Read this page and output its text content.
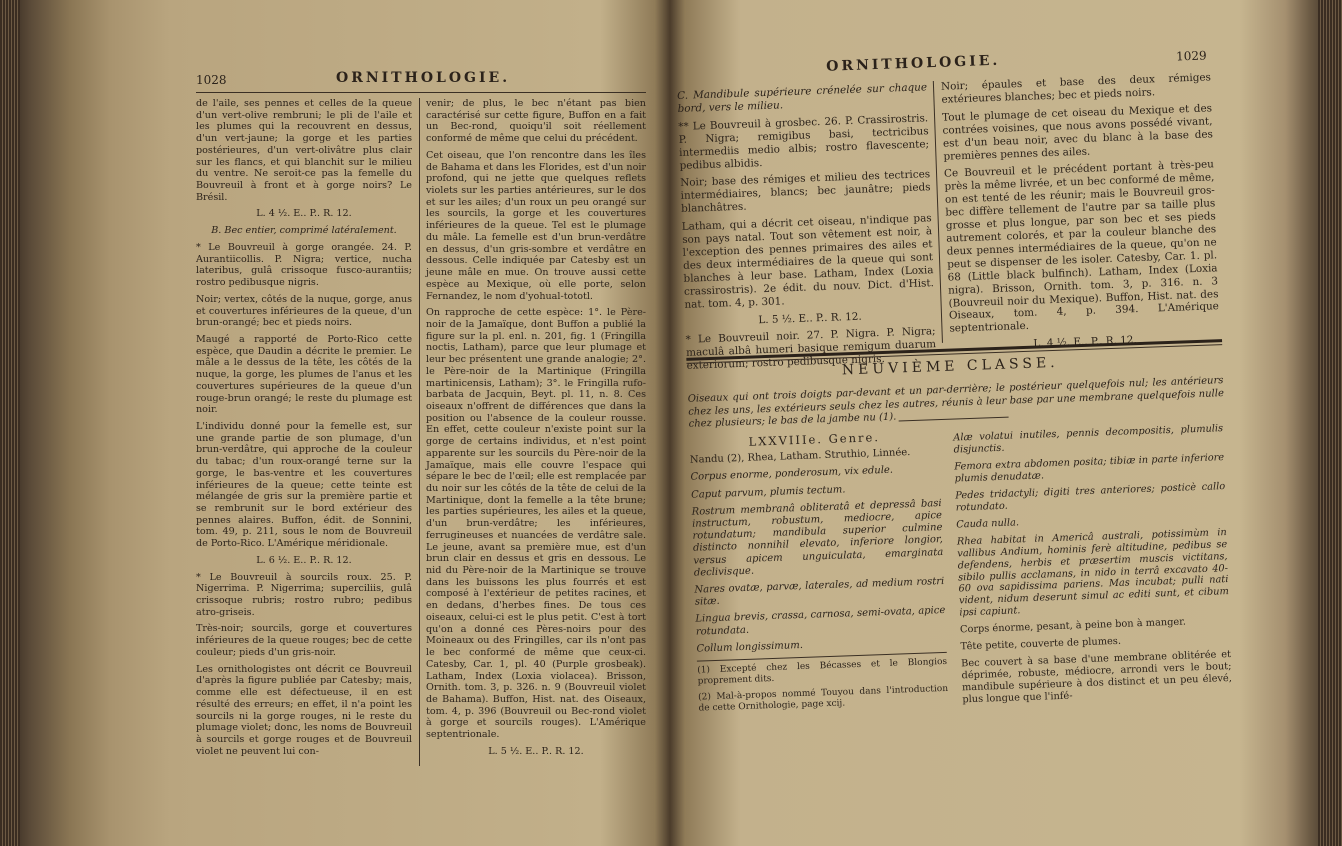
1028	ORNITHOLOGIE.

de l'aile, ses pennes et celles de la queue d'un vert-olive rembruni; le pli de l'aile et les plumes qui la recouvrent en dessus, d'un vert-jaune; la gorge et les parties postérieures, d'un vert-olivâtre plus clair sur les flancs, et qui blanchit sur le milieu du ventre. Ne seroit-ce pas la femelle du Bouvreuil à front et à gorge noirs? Le Brésil.

L. 4 ½. E.. P.. R. 12.

B. Bec entier, comprimé latéralement.

* Le Bouvreuil à gorge orangée. 24. P. Aurantiicollis. P. Nigra; vertice, nucha lateribus, gulâ crissoque fusco-aurantiis; rostro pedibusque nigris.

Noir; vertex, côtés de la nuque, gorge, anus et couvertures inférieures de la queue, d'un brun-orangé; bec et pieds noirs.

Maugé a rapporté de Porto-Rico cette espèce, que Daudin a décrite le premier. Le mâle a le dessus de la tête, les côtés de la nuque, la gorge, les plumes de l'anus et les couvertures supérieures de la queue d'un rouge-brun orangé; le reste du plumage est noir.

L'individu donné pour la femelle est, sur une grande partie de son plumage, d'un brun-verdâtre, qui approche de la couleur du tabac; d'un roux-orangé terne sur la gorge, le bas-ventre et les couvertures inférieures de la queue; cette teinte est mélangée de gris sur la première partie et se rembrunit sur le bord extérieur des pennes alaires. Buffon, édit. de Sonnini, tom. 49, p. 211, sous le nom de Bouvreuil de Porto-Rico. L'Amérique méridionale.

L. 6 ½. E.. P.. R. 12.

* Le Bouvreuil à sourcils roux. 25. P. Nigerrima. P. Nigerrima; superciliis, gulâ crissoque rubris; rostro rubro; pedibus atro-griseis.

Très-noir; sourcils, gorge et couvertures inférieures de la queue rouges; bec de cette couleur; pieds d'un gris-noir.

Les ornithologistes ont décrit ce Bouvreuil d'après la figure publiée par Catesby; mais, comme elle est défectueuse, il en est résulté des erreurs; en effet, il n'a point les sourcils ni la gorge rouges, ni le reste du plumage violet; donc, les noms de Bouvreuil à sourcils et gorge rouges et de Bouvreuil violet ne peuvent lui con-

venir; de plus, le bec n'étant pas bien caractérisé sur cette figure, Buffon en a fait un Bec-rond, quoiqu'il soit réellement conformé de même que celui du précédent.

Cet oiseau, que l'on rencontre dans les îles de Bahama et dans les Florides, est d'un noir profond, qui ne jette que quelques reflets violets sur les parties antérieures, sur le dos et sur les ailes; d'un roux un peu orangé sur les sourcils, la gorge et les couvertures inférieures de la queue. Tel est le plumage du mâle. La femelle est d'un brun-verdâtre en dessus, d'un gris-sombre et verdâtre en dessous. Celle indiquée par Catesby est un jeune mâle en mue. On trouve aussi cette espèce au Mexique, où elle porte, selon Fernandez, le nom d'yohual-tototl.

On rapproche de cette espèce: 1°. le Père-noir de la Jamaïque, dont Buffon a publié la figure sur la pl. enl. n. 201, fig. 1 (Fringilla noctis, Latham), parce que leur plumage et leur bec présentent une grande analogie; 2°. le Père-noir de la Martinique (Fringilla martinicensis, Latham); 3°. le Fringilla rufo-barbata de Jacquin, Beyt. pl. 11, n. 8. Ces oiseaux n'offrent de différences que dans la position ou l'absence de la couleur rousse. En effet, cette couleur n'existe point sur la gorge de certains individus, et n'est point apparente sur les sourcils du Père-noir de la Jamaïque, mais elle couvre l'espace qui sépare le bec de l'œil; elle est remplacée par du noir sur les côtés de la tête de celui de la Martinique, dont la femelle a la tête brune; les parties supérieures, les ailes et la queue, d'un brun-verdâtre; les inférieures, ferrugineuses et nuancées de verdâtre sale. Le jeune, avant sa première mue, est d'un brun clair en dessus et gris en dessous. Le nid du Père-noir de la Martinique se trouve dans les buissons les plus fourrés et est composé à l'extérieur de petites racines, et en dedans, d'herbes fines. De tous ces oiseaux, celui-ci est le plus petit. C'est à tort qu'on a donné ces Pères-noirs pour des Moineaux ou des Fringilles, car ils n'ont pas le bec conformé de même que ceux-ci. Catesby, Car. 1, pl. 40 (Purple grosbeak). Latham, Index (Loxia violacea). Brisson, Ornith. tom. 3, p. 326. n. 9 (Bouvreuil violet de Bahama). Buffon, Hist. nat. des Oiseaux, tom. 4, p. 396 (Bouvreuil ou Bec-rond violet à gorge et sourcils rouges). L'Amérique septentrionale.

L. 5 ½. E.. P.. R. 12.

ORNITHOLOGIE.	1029

C. Mandibule supérieure crénelée sur chaque bord, vers le milieu.

** Le Bouvreuil à grosbec. 26. P. Crassirostris. P. Nigra; remigibus basi, tectricibus intermediis medio albis; rostro flavescente; pedibus albidis.

Noir; base des rémiges et milieu des tectrices intermédiaires, blancs; bec jaunâtre; pieds blanchâtres.

Latham, qui a décrit cet oiseau, n'indique pas son pays natal. Tout son vêtement est noir, à l'exception des pennes primaires des ailes et des deux intermédiaires de la queue qui sont blanches à leur base. Latham, Index (Loxia crassirostris). 2e édit. du nouv. Dict. d'Hist. nat. tom. 4, p. 301.

L. 5 ½. E.. P.. R. 12.

* Le Bouvreuil noir. 27. P. Nigra. P. Nigra; maculâ albâ humeri basique remigum duarum exteriorum; rostro pedibusque nigris.

Noir; épaules et base des deux rémiges extérieures blanches; bec et pieds noirs.

Tout le plumage de cet oiseau du Mexique et des contrées voisines, que nous avons possédé vivant, est d'un beau noir, avec du blanc à la base des premières pennes des ailes.

Ce Bouvreuil et le précédent portant à très-peu près la même livrée, et un bec conformé de même, on est tenté de les réunir; mais le Bouvreuil gros-bec diffère tellement de l'autre par sa taille plus grosse et plus longue, par son bec et ses pieds autrement colorés, et par la couleur blanche des deux pennes intermédiaires de la queue, qu'on ne peut se dispenser de les isoler. Catesby, Car. 1. pl. 68 (Little black bulfinch). Latham, Index (Loxia nigra). Brisson, Ornith. tom. 3, p. 316. n. 3 (Bouvreuil noir du Mexique). Buffon, Hist. nat. des Oiseaux, tom. 4, p. 394. L'Amérique septentrionale.

L. 4 ½. E.. P.. R. 12.

NEUVIÈME CLASSE.

Oiseaux qui ont trois doigts par-devant et un par-derrière; le postérieur quelquefois nul; les antérieurs chez les uns, les extérieurs seuls chez les autres, réunis à leur base par une membrane quelquefois nulle chez plusieurs; le bas de la jambe nu (1).

LXXVIIIe. Genre.

Nandu (2), Rhea, Latham. Struthio, Linnée.

Corpus enorme, ponderosum, vix edule.

Caput parvum, plumis tectum.

Rostrum membranâ obliteratâ et depressâ basi instructum, robustum, mediocre, apice rotundatum; mandibula superior culmine distincto nonnihil elevato, inferiore longior, versus apicem unguiculata, emarginata declivisque.

Nares ovatæ, parvæ, laterales, ad medium rostri sitæ.

Lingua brevis, crassa, carnosa, semi-ovata, apice rotundata.

Collum longissimum.

(1) Excepté chez les Bécasses et le Blongios proprement dits.

(2) Mal-à-propos nommé Touyou dans l'introduction de cette Ornithologie, page xcij.

Alæ volatui inutiles, pennis decompositis, plumulis disjunctis.

Femora extra abdomen posita; tibiæ in parte inferiore plumis denudatæ.

Pedes tridactyli; digiti tres anteriores; posticè callo rotundato.

Cauda nulla.

Rhea habitat in Americâ australi, potissimùm in vallibus Andium, hominis ferè altitudine, pedibus se defendens, herbis et præsertim muscis victitans, sibilo pullis acclamans, in nido in terrâ excavato 40-60 ova sapidissima pariens. Mas incubat; pulli nati vident, nidum deserunt simul ac editi sunt, et cibum ipsi capiunt.

Corps énorme, pesant, à peine bon à manger.

Tête petite, couverte de plumes.

Bec couvert à sa base d'une membrane oblitérée et déprimée, robuste, médiocre, arrondi vers le bout; mandibule supérieure à dos distinct et un peu élevé, plus longue que l'infé-
